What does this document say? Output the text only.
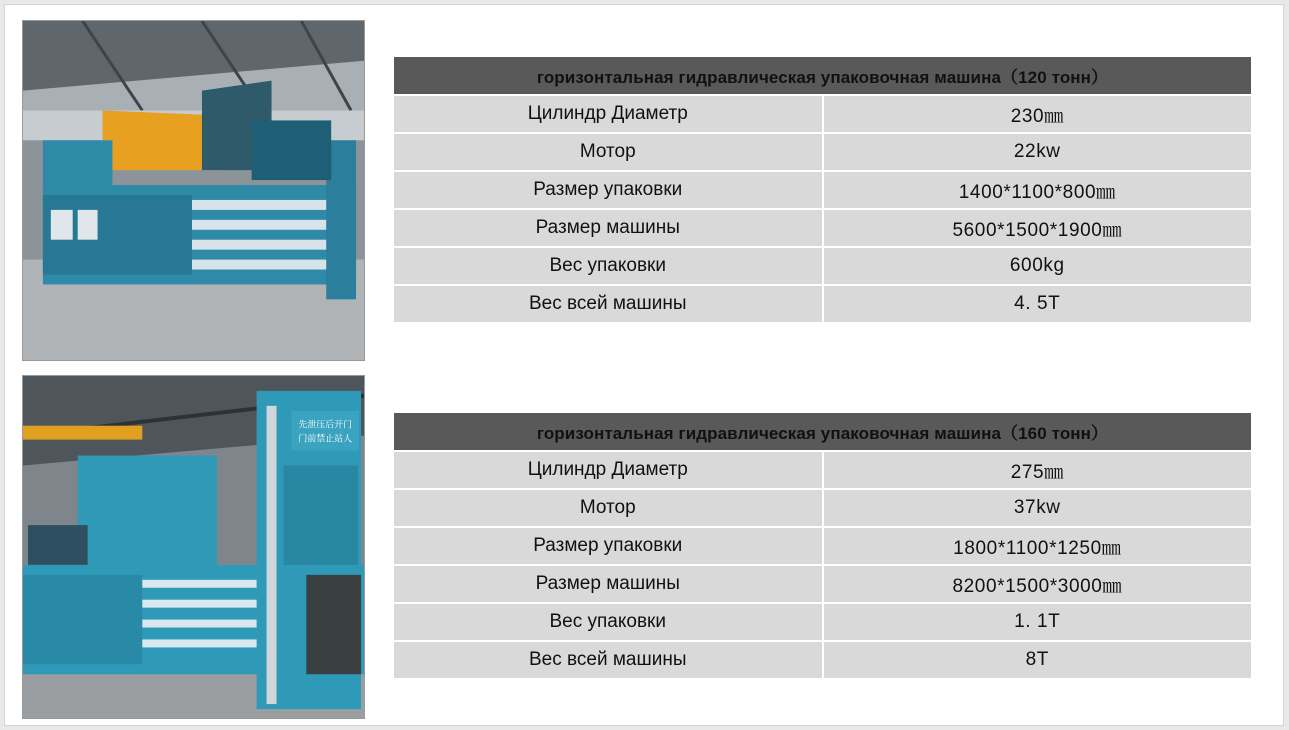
先泄压后开门
门前禁止站人
горизонтальная гидравлическая упаковочная машина（120 тонн）	
Цилиндр Диаметр	230㎜
Мотор	22kw
Размер упаковки	1400*1100*800㎜
Размер машины	5600*1500*1900㎜
Вес упаковки	600kg
Вес всей машины	4. 5T
горизонтальная гидравлическая упаковочная машина（160 тонн）	
Цилиндр Диаметр	275㎜
Мотор	37kw
Размер упаковки	1800*1100*1250㎜
Размер машины	8200*1500*3000㎜
Вес упаковки	1. 1T
Вес всей машины	8T
